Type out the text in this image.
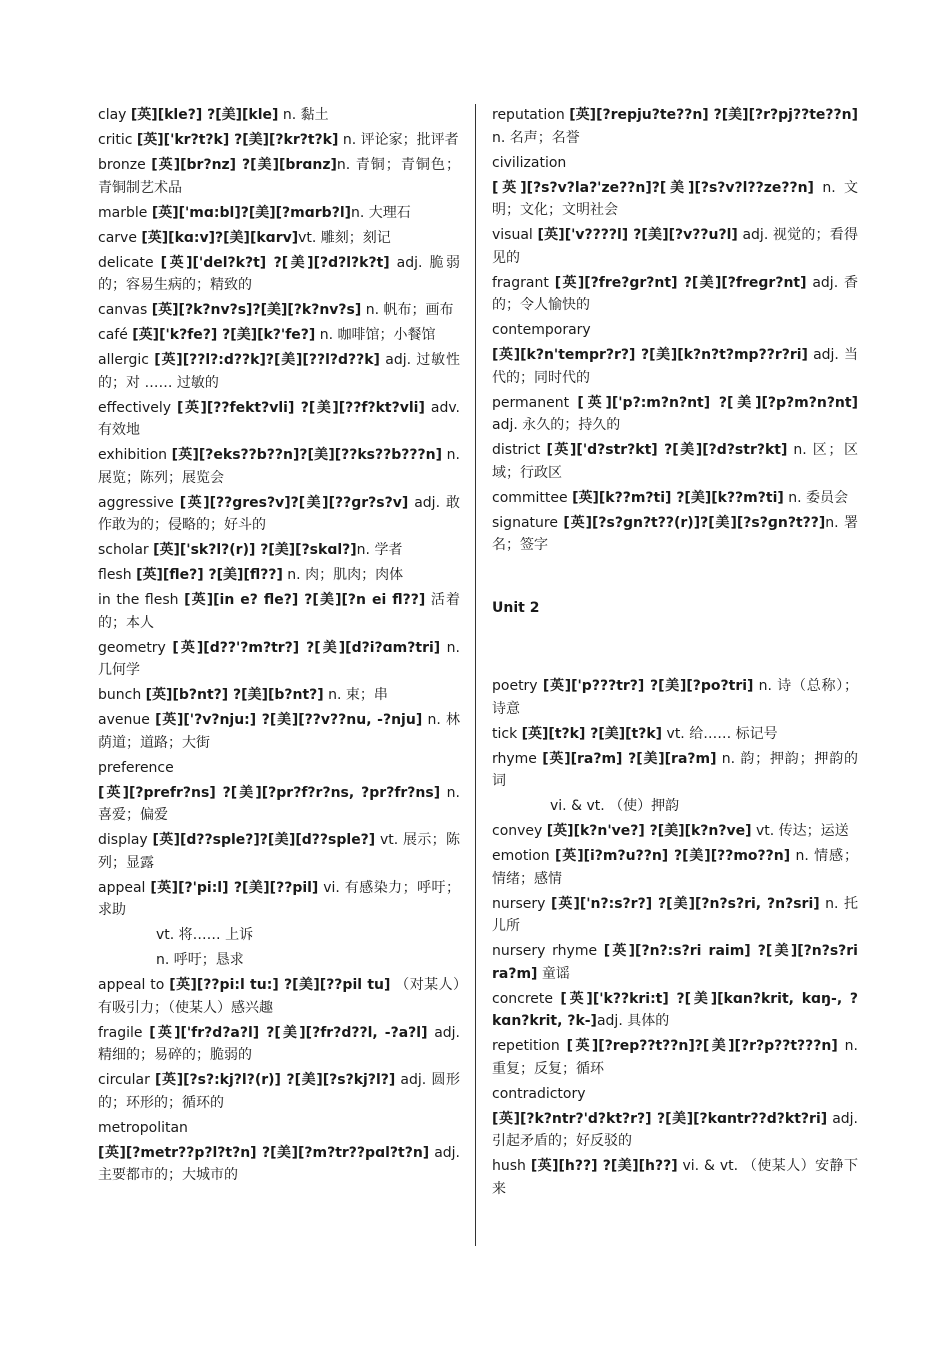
clay [英][kle?] ?[美][kle] n. 黏土
critic [英]['kr?t?k] ?[美][?kr?t?k] n. 评论家；批评者
bronze [英][br?nz] ?[美][brɑnz]n. 青铜；青铜色；青铜制艺术品
marble [英]['mɑ:bl]?[美][?mɑrb?l]n. 大理石
carve [英][kɑ:v]?[美][kɑrv]vt. 雕刻；刻记
delicate [英]['del?k?t] ?[美][?d?l?k?t] adj. 脆弱的；容易生病的；精致的
canvas [英][?k?nv?s]?[美][?k?nv?s] n. 帆布；画布
café [英]['k?fe?] ?[美][k?'fe?] n. 咖啡馆；小餐馆
allergic [英][??l?:d??k]?[美][??l?d??k] adj. 过敏性的；对 …… 过敏的
effectively [英][??fekt?vli] ?[美][??f?kt?vli] adv. 有效地
exhibition [英][?eks??b??n]?[美][??ks??b???n] n. 展览；陈列；展览会
aggressive [英][??gres?v]?[美][??ɡr?s?v] adj. 敢作敢为的；侵略的；好斗的
scholar [英]['sk?l?(r)] ?[美][?skɑl?]n. 学者
flesh [英][fle?] ?[美][fl??] n. 肉；肌肉；肉体
in the flesh [英][in e? fle?] ?[美][?n ei fl??] 活着的；本人
geometry [英][d??'?m?tr?] ?[美][d?i?ɑm?tri] n. 几何学
bunch [英][b?nt?] ?[美][b?nt?] n. 束；串
avenue [英]['?v?nju:] ?[美][??v??nu, -?nju] n. 林荫道；道路；大街
preference
[英][?prefr?ns] ?[美][?pr?f?r?ns, ?pr?fr?ns] n. 喜爱；偏爱
display [英][d??sple?]?[美][d??sple?] vt. 展示；陈列；显露
appeal [英][?'pi:l] ?[美][??pil] vi. 有感染力；呼吁；求助
vt. 将…… 上诉
n. 呼吁；恳求
appeal to [英][??pi:l tu:] ?[美][??pil tu] （对某人）有吸引力；（使某人）感兴趣
fragile [英]['fr?d?a?l] ?[美][?fr?d??l, -?a?l] adj. 精细的；易碎的；脆弱的
circular [英][?s?:kj?l?(r)] ?[美][?s?kj?l?] adj. 圆形的；环形的；循环的
metropolitan
[英][?metr??p?l?t?n] ?[美][?m?tr??pɑl?t?n] adj. 主要都市的；大城市的
reputation [英][?repju?te??n] ?[美][?r?pj??te??n] n. 名声；名誉
civilization
[英][?s?v?la?'ze??n]?[美][?s?v?l??ze??n] n. 文明；文化；文明社会
visual [英]['v????l] ?[美][?v??u?l] adj. 视觉的；看得见的
fragrant [英][?fre?gr?nt] ?[美][?freɡr?nt] adj. 香的；令人愉快的
contemporary
[英][k?n'tempr?r?] ?[美][k?n?t?mp??r?ri] adj. 当代的；同时代的
permanent [英]['p?:m?n?nt] ?[美][?p?m?n?nt] adj. 永久的；持久的
district [英]['d?str?kt] ?[美][?d?str?kt] n. 区；区域；行政区
committee [英][k??m?ti] ?[美][k??m?ti] n. 委员会
signature [英][?s?gn?t??(r)]?[美][?s?ɡn?t??]n. 署名；签字
Unit 2
poetry [英]['p???tr?] ?[美][?po?tri] n. 诗（总称）；诗意
tick [英][t?k] ?[美][t?k] vt. 给…… 标记号
rhyme [英][ra?m] ?[美][ra?m] n. 韵；押韵；押韵的词
vi. & vt. （使）押韵
convey [英][k?n've?] ?[美][k?n?ve] vt. 传达；运送
emotion [英][i?m?u??n] ?[美][??mo??n] n. 情感；情绪；感情
nursery [英]['n?:s?r?] ?[美][?n?s?ri, ?n?sri] n. 托儿所
nursery rhyme [英][?n?:s?ri raim] ?[美][?n?s?ri ra?m] 童谣
concrete [英]['k??kri:t] ?[美][kɑn?krit, kɑŋ-, ?kɑn?krit, ?k-]adj. 具体的
repetition [英][?rep??t??n]?[美][?r?p??t???n] n. 重复；反复；循环
contradictory
[英][?k?ntr?'d?kt?r?] ?[美][?kɑntr??d?kt?ri] adj. 引起矛盾的；好反驳的
hush [英][h??] ?[美][h??] vi. & vt. （使某人）安静下来
